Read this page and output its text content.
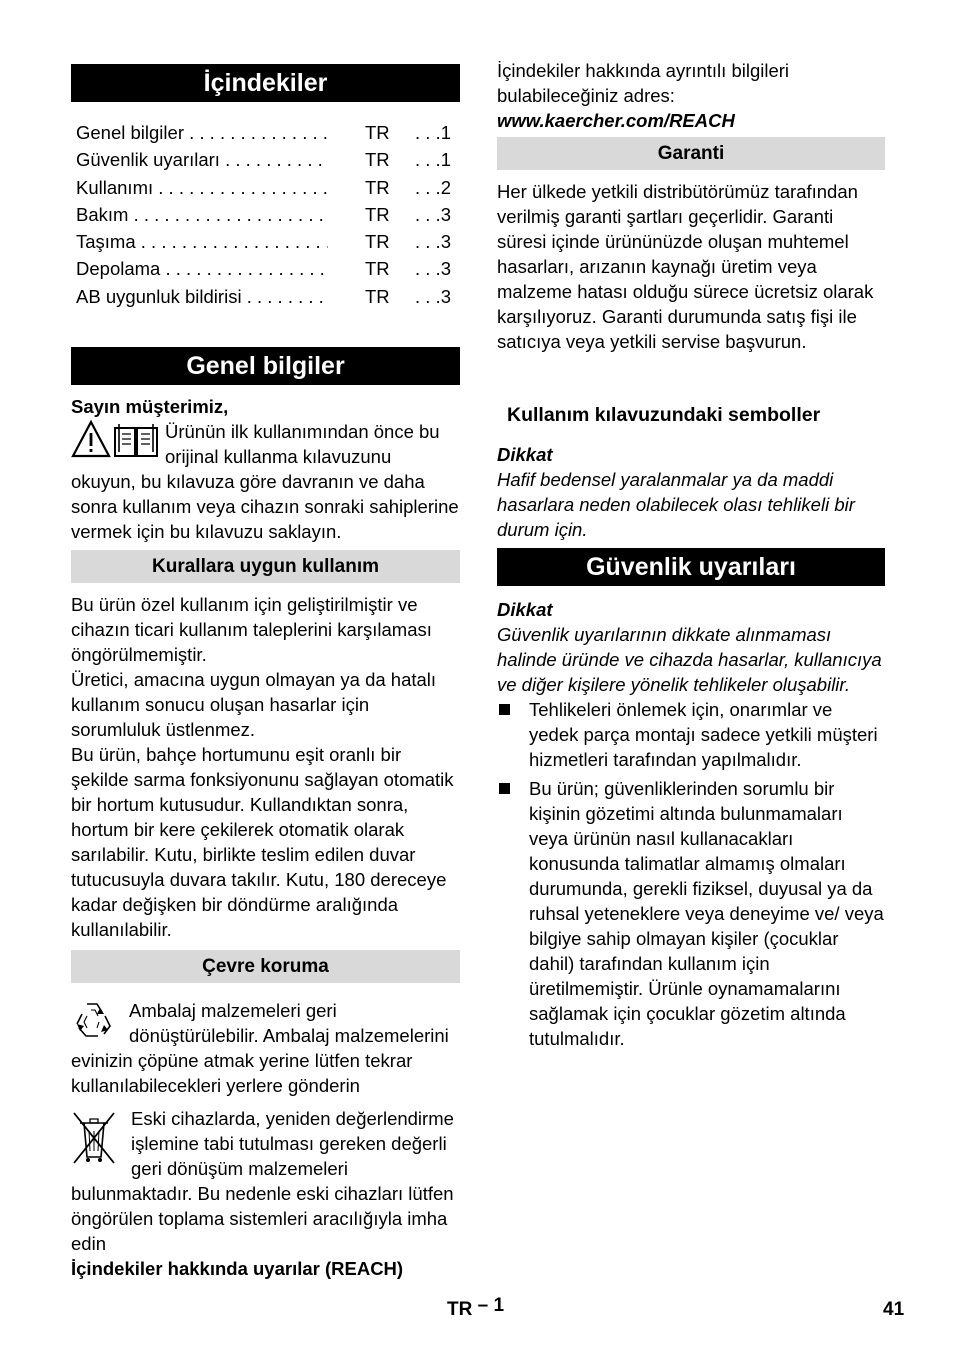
İçindekiler
Genel bilgiler . . .	TR	. . .1
Güvenlik uyarıları . . .	TR	. . .1
Kullanımı . . .	TR	. . .2
Bakım . . .	TR	. . .3
Taşıma . . .	TR	. . .3
Depolama . . .	TR	. . .3
AB uygunluk bildirisi . . .	TR	. . .3
Genel bilgiler

Sayın müşterimiz,

Ürünün ilk kullanımından önce bu orijinal kullanma kılavuzunu okuyun, bu kılavuza göre davranın ve daha sonra kullanım veya cihazın sonraki sahiplerine vermek için bu kılavuzu saklayın.

Kurallara uygun kullanım

Bu ürün özel kullanım için geliştirilmiştir ve cihazın ticari kullanım taleplerini karşılaması öngörülmemiştir.

Üretici, amacına uygun olmayan ya da hatalı kullanım sonucu oluşan hasarlar için sorumluluk üstlenmez.

Bu ürün, bahçe hortumunu eşit oranlı bir şekilde sarma fonksiyonunu sağlayan otomatik bir hortum kutusudur. Kullandıktan sonra, hortum bir kere çekilerek otomatik olarak sarılabilir. Kutu, birlikte teslim edilen duvar tutucusuyla duvara takılır. Kutu, 180 dereceye kadar değişken bir döndürme aralığında kullanılabilir.

Çevre koruma

Ambalaj malzemeleri geri dönüştürülebilir. Ambalaj malzemelerini evinizin çöpüne atmak yerine lütfen tekrar kullanılabilecekleri yerlere gönderin

Eski cihazlarda, yeniden değerlendirme işlemine tabi tutulması gereken değerli geri dönüşüm malzemeleri bulunmaktadır. Bu nedenle eski cihazları lütfen öngörülen toplama sistemleri aracılığıyla imha edin

İçindekiler hakkında uyarılar (REACH)

İçindekiler hakkında ayrıntılı bilgileri bulabileceğiniz adres:

www.kaercher.com/REACH

Garanti

Her ülkede yetkili distribütörümüz tarafından verilmiş garanti şartları geçerlidir. Garanti süresi içinde ürününüzde oluşan muhtemel hasarları, arızanın kaynağı üretim veya malzeme hatası olduğu sürece ücretsiz olarak karşılıyoruz. Garanti durumunda satış fişi ile satıcıya veya yetkili servise başvurun.

Kullanım kılavuzundaki semboller

Dikkat

Hafif bedensel yaralanmalar ya da maddi hasarlara neden olabilecek olası tehlikeli bir durum için.

Güvenlik uyarıları

Dikkat

Güvenlik uyarılarının dikkate alınmaması halinde üründe ve cihazda hasarlar, kullanıcıya ve diğer kişilere yönelik tehlikeler oluşabilir.

Tehlikeleri önlemek için, onarımlar ve yedek parça montajı sadece yetkili müşteri hizmetleri tarafından yapılmalıdır.
Bu ürün; güvenliklerinden sorumlu bir kişinin gözetimi altında bulunmamaları veya ürünün nasıl kullanacakları konusunda talimatlar almamış olmaları durumunda, gerekli fiziksel, duyusal ya da ruhsal yeteneklere veya deneyime ve/ veya bilgiye sahip olmayan kişiler (çocuklar dahil) tarafından kullanım için üretilmemiştir. Ürünle oynamamalarını sağlamak için çocuklar gözetim altında tutulmalıdır.
TR – 1	41
